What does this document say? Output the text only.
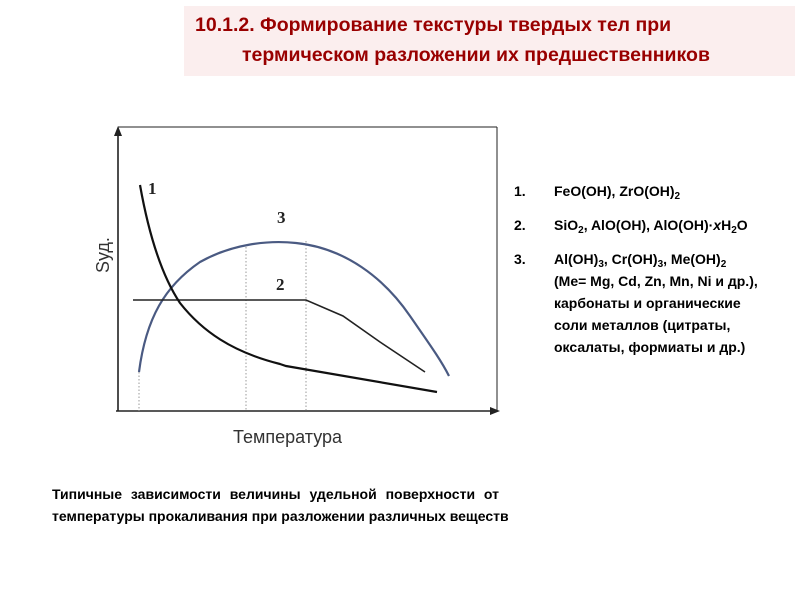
10.1.2. Формирование текстуры твердых тел при
термическом разложении их предшественников
1
3
2
Sуд.
Температура
1. FeO(OH), $ZrO(OH)_2$
2. SiO$_2$, AlO(OH), $AlO(OH)\cdot xH_2O$
3. $Al(OH)_3$, $Cr(OH)_3$, $Me(OH)_2$
(Me= Mg, Cd, Zn, Mn, Ni и др.),
карбонаты и органические
соли металлов (цитраты,
оксалаты, формиаты и др.)
Типичные зависимости величины удельной поверхности от
температуры прокаливания при разложении различных веществ
